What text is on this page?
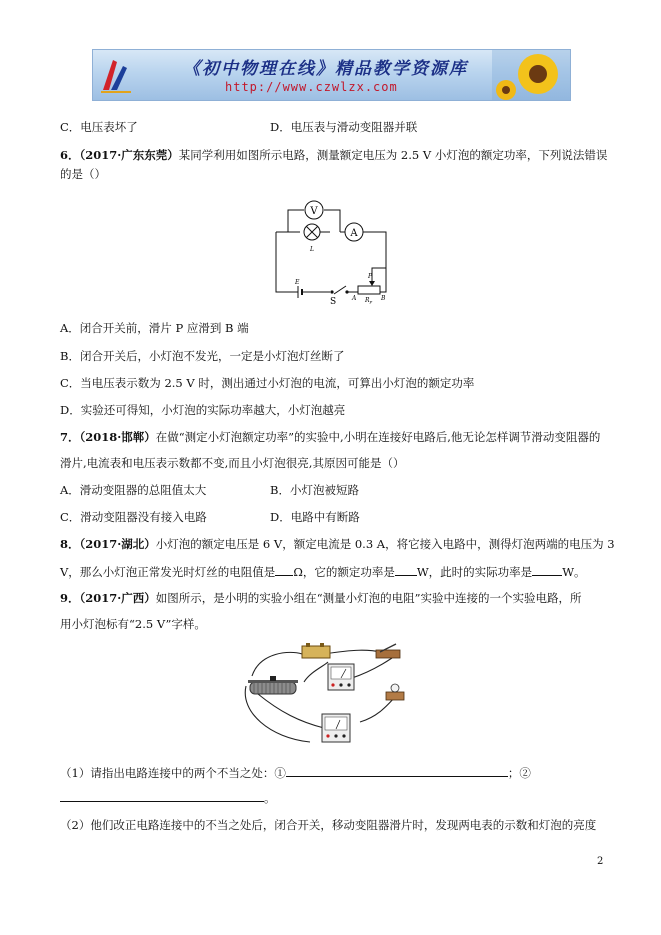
《初中物理在线》精品教学资源库
http://www.czwlzx.com
C．电压表坏了	D．电压表与滑动变阻器并联
6．（2017·广东东莞）某同学利用如图所示电路，测量额定电压为 2.5 V 小灯泡的额定功率，下列说法错误
的是（）
V
L
A
E
S
P
A	B
$R_P$
A．闭合开关前，滑片 P 应滑到 B 端
B．闭合开关后，小灯泡不发光，一定是小灯泡灯丝断了
C．当电压表示数为 2.5 V 时，测出通过小灯泡的电流，可算出小灯泡的额定功率
D．实验还可得知，小灯泡的实际功率越大，小灯泡越亮
7．（2018·邯郸）在做“测定小灯泡额定功率”的实验中,小明在连接好电路后,他无论怎样调节滑动变阻器的
滑片,电流表和电压表示数都不变,而且小灯泡很亮,其原因可能是（）
A．滑动变阻器的总阻值太大	B．小灯泡被短路
C．滑动变阻器没有接入电路	D．电路中有断路
8．（2017·湖北）小灯泡的额定电压是 6 V，额定电流是 0.3 A，将它接入电路中，测得灯泡两端的电压为 3
V，那么小灯泡正常发光时灯丝的电阻值是 Ω，它的额定功率是 W，此时的实际功率是	W。
9．（2017·广西）如图所示，是小明的实验小组在“测量小灯泡的电阻”实验中连接的一个实验电路，所
用小灯泡标有“2.5 V”字样。
（1）请指出电路连接中的两个不当之处：①	；②
。
（2）他们改正电路连接中的不当之处后，闭合开关，移动变阻器滑片时，发现两电表的示数和灯泡的亮度
2
